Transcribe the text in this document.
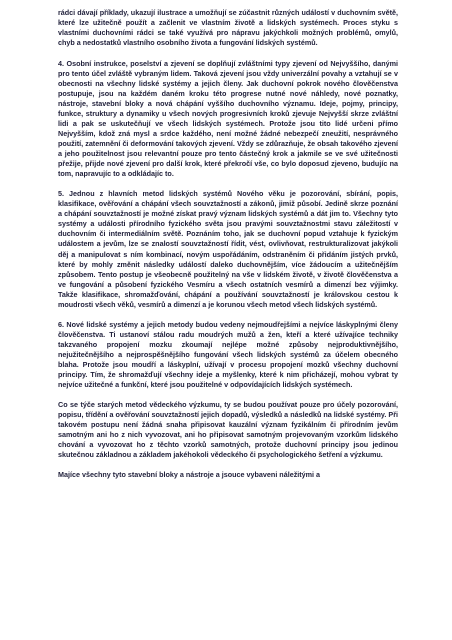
rádci dávají příklady, ukazují ilustrace a umožňují se zúčastnit různých událostí v duchovním světě, které lze užitečně použít a začlenit ve vlastním životě a lidských systémech. Proces styku s vlastními duchovními rádci se také využívá pro nápravu jakýchkoli možných problémů, omylů, chyb a nedostatků vlastního osobního života a fungování lidských systémů.

4. Osobní instrukce, poselství a zjevení se doplňují zvláštními typy zjevení od Nejvyššího, danými pro tento účel zvláště vybraným lidem. Taková zjevení jsou vždy univerzální povahy a vztahují se v obecnosti na všechny lidské systémy a jejich členy. Jak duchovní pokrok nového člověčenstva postupuje, jsou na každém daném kroku této progrese nutné nové náhledy, nové poznatky, nástroje, stavební bloky a nová chápání vyššího duchovního významu. Ideje, pojmy, principy, funkce, struktury a dynamiky u všech nových progresivních kroků zjevuje Nejvyšší skrze zvláštní lidi a pak se uskutečňují ve všech lidských systémech. Protože jsou tito lidé určeni přímo Nejvyšším, kdož zná mysl a srdce každého, není možné žádné nebezpečí zneužití, nesprávného použití, zatemnění či deformování takových zjevení. Vždy se zdůrazňuje, že obsah takového zjevení a jeho použitelnost jsou relevantní pouze pro tento částečný krok a jakmile se ve své užitečnosti přežije, přijde nové zjevení pro další krok, které překročí vše, co bylo doposud zjeveno, budujíc na tom, napravujíc to a odkládajíc to.

5. Jednou z hlavních metod lidských systémů Nového věku je pozorování, sbírání, popis, klasifikace, ověřování a chápání všech souvztažností a zákonů, jimiž působí. Jedině skrze poznání a chápání souvztažností je možné získat pravý význam lidských systémů a dát jim to. Všechny tyto systémy a události přírodního fyzického světa jsou pravými souvztažnostmi stavu záležitostí v duchovním či intermediálním světě. Poznáním toho, jak se duchovní popud vztahuje k fyzickým událostem a jevům, lze se znalostí souvztažností řídit, vést, ovlivňovat, restrukturalizovat jakýkoli děj a manipulovat s ním kombinací, novým uspořádáním, odstraněním či přidáním jistých prvků, které by mohly změnit následky událostí daleko duchovnějším, více žádoucím a užitečnějším způsobem. Tento postup je všeobecně použitelný na vše v lidském životě, v životě člověčenstva a ve fungování a působení fyzického Vesmíru a všech ostatních vesmírů a dimenzí bez výjimky. Takže klasifikace, shromažďování, chápání a používání souvztažností je královskou cestou k moudrosti všech věků, vesmírů a dimenzí a je korunou všech metod všech lidských systémů.

6. Nové lidské systémy a jejich metody budou vedeny nejmoudřejšími a nejvíce láskyplnými členy člověčenstva. Ti ustanoví stálou radu moudrých mužů a žen, kteří a které užívajíce techniky takzvaného propojení mozku zkoumají nejlépe možné způsoby nejproduktivnějšího, nejužitečnějšího a nejprospěšnějšího fungování všech lidských systémů za účelem obecného blaha. Protože jsou moudří a láskyplní, užívají v procesu propojení mozků všechny duchovní principy. Tím, že shromažďují všechny ideje a myšlenky, které k nim přicházejí, mohou vybrat ty nejvíce užitečné a funkční, které jsou použitelné v odpovídajících lidských systémech.

Co se týče starých metod vědeckého výzkumu, ty se budou používat pouze pro účely pozorování, popisu, třídění a ověřování souvztažností jejich dopadů, výsledků a následků na lidské systémy. Při takovém postupu není žádná snaha připisovat kauzální význam fyzikálním či přírodním jevům samotným ani ho z nich vyvozovat, ani ho připisovat samotným projevovaným vzorkům lidského chování a vyvozovat ho z těchto vzorků samotných, protože duchovní principy jsou jedinou skutečnou základnou a základem jakéhokoli vědeckého či psychologického šetření a výzkumu.

Majíce všechny tyto stavební bloky a nástroje a jsouce vybaveni náležitými a
